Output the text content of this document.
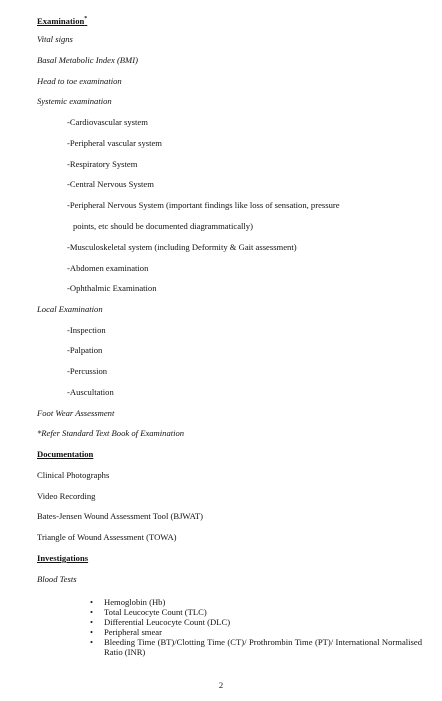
Examination*
Vital signs
Basal Metabolic Index (BMI)
Head to toe examination
Systemic examination
-Cardiovascular system
-Peripheral vascular system
-Respiratory System
-Central Nervous System
-Peripheral Nervous System (important findings like loss of sensation, pressure
points, etc should be documented diagrammatically)
-Musculoskeletal system (including Deformity & Gait assessment)
-Abdomen examination
-Ophthalmic Examination
Local Examination
-Inspection
-Palpation
-Percussion
-Auscultation
Foot Wear Assessment
*Refer Standard Text Book of Examination
Documentation
Clinical Photographs
Video Recording
Bates-Jensen Wound Assessment Tool (BJWAT)
Triangle of Wound Assessment (TOWA)
Investigations
Blood Tests
• Hemoglobin (Hb)
• Total Leucocyte Count (TLC)
• Differential Leucocyte Count (DLC)
• Peripheral smear
• Bleeding Time (BT)/Clotting Time (CT)/ Prothrombin Time (PT)/ International Normalised Ratio (INR)
2
